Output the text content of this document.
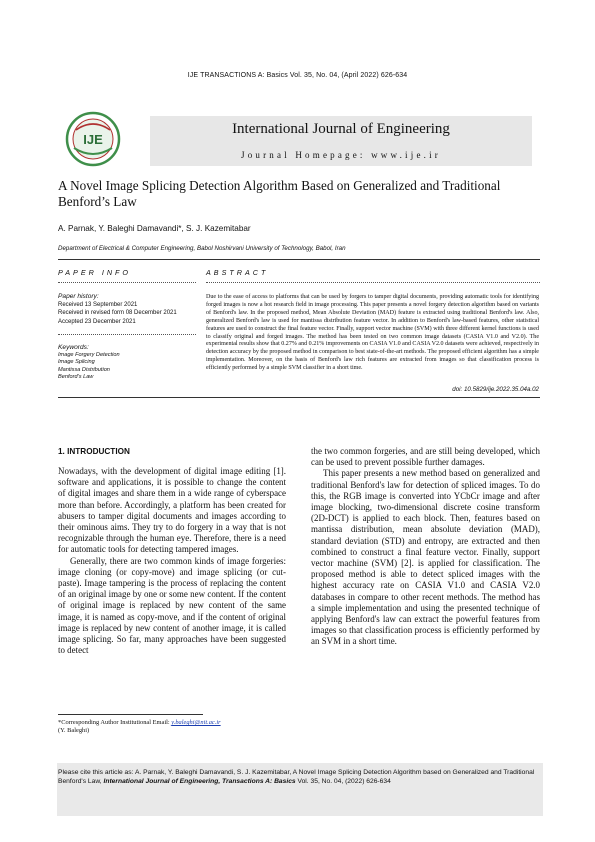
IJE TRANSACTIONS A: Basics Vol. 35, No. 04, (April 2022) 626-634
IJE
International Journal of Engineering
Journal Homepage: www.ije.ir
A Novel Image Splicing Detection Algorithm Based on Generalized and Traditional Benford’s Law
A. Parnak, Y. Baleghi Damavandi*, S. J. Kazemitabar
Department of Electrical & Computer Engineering, Babol Noshirvani University of Technology, Babol, Iran
PAPER INFO	ABSTRACT
Paper history:
Received 13 September 2021
Received in revised form 08 December 2021
Accepted 23 December 2021
Keywords:
Image Forgery Detection
Image Splicing
Mantissa Distribution
Benford’s Law
Due to the ease of access to platforms that can be used by forgers to tamper digital documents, providing automatic tools for identifying forged images is now a hot research field in image processing. This paper presents a novel forgery detection algorithm based on variants of Benford's law. In the proposed method, Mean Absolute Deviation (MAD) feature is extracted using traditional Benford's law. Also, generalized Benford's law is used for mantissa distribution feature vector. In addition to Benford's law-based features, other statistical features are used to construct the final feature vector. Finally, support vector machine (SVM) with three different kernel functions is used to classify original and forged images. The method has been tested on two common image datasets (CASIA V1.0 and V2.0). The experimental results show that 0.27% and 0.21% improvements on CASIA V1.0 and CASIA V2.0 datasets were achieved, respectively in detection accuracy by the proposed method in comparison to best state-of-the-art methods. The proposed efficient algorithm has a simple implementation. Moreover, on the basis of Benford's law rich features are extracted from images so that classification process is efficiently performed by a simple SVM classifier in a short time.
doi: 10.5829/ije.2022.35.04a.02
1. INTRODUCTION

Nowadays, with the development of digital image editing [1]. software and applications, it is possible to change the content of digital images and share them in a wide range of cyberspace more than before. Accordingly, a platform has been created for abusers to tamper digital documents and images according to their ominous aims. They try to do forgery in a way that is not recognizable through the human eye. Therefore, there is a need for automatic tools for detecting tampered images.

Generally, there are two common kinds of image forgeries: image cloning (or copy-move) and image splicing (or cut-paste). Image tampering is the process of replacing the content of an original image by one or some new content. If the content of original image is replaced by new content of the same image, it is named as copy-move, and if the content of original image is replaced by new content of another image, it is called image splicing. So far, many approaches have been suggested to detect

the two common forgeries, and are still being developed, which can be used to prevent possible further damages.

This paper presents a new method based on generalized and traditional Benford's law for detection of spliced images. To do this, the RGB image is converted into YCbCr image and after image blocking, two-dimensional discrete cosine transform (2D-DCT) is applied to each block. Then, features based on mantissa distribution, mean absolute deviation (MAD), standard deviation (STD) and entropy, are extracted and then combined to construct a final feature vector. Finally, support vector machine (SVM) [2]. is applied for classification. The proposed method is able to detect spliced images with the highest accuracy rate on CASIA V1.0 and CASIA V2.0 databases in compare to other recent methods. The method has a simple implementation and using the presented technique of applying Benford's law can extract the powerful features from images so that classification process is efficiently performed by an SVM in a short time.

*Corresponding Author Institutional Email: y.baleghi@nit.ac.ir
(Y. Baleghi)
Please cite this article as: A. Parnak, Y. Baleghi Damavandi, S. J. Kazemitabar, A Novel Image Splicing Detection Algorithm based on Generalized and Traditional Benford's Law, International Journal of Engineering, Transactions A: Basics Vol. 35, No. 04, (2022) 626-634
